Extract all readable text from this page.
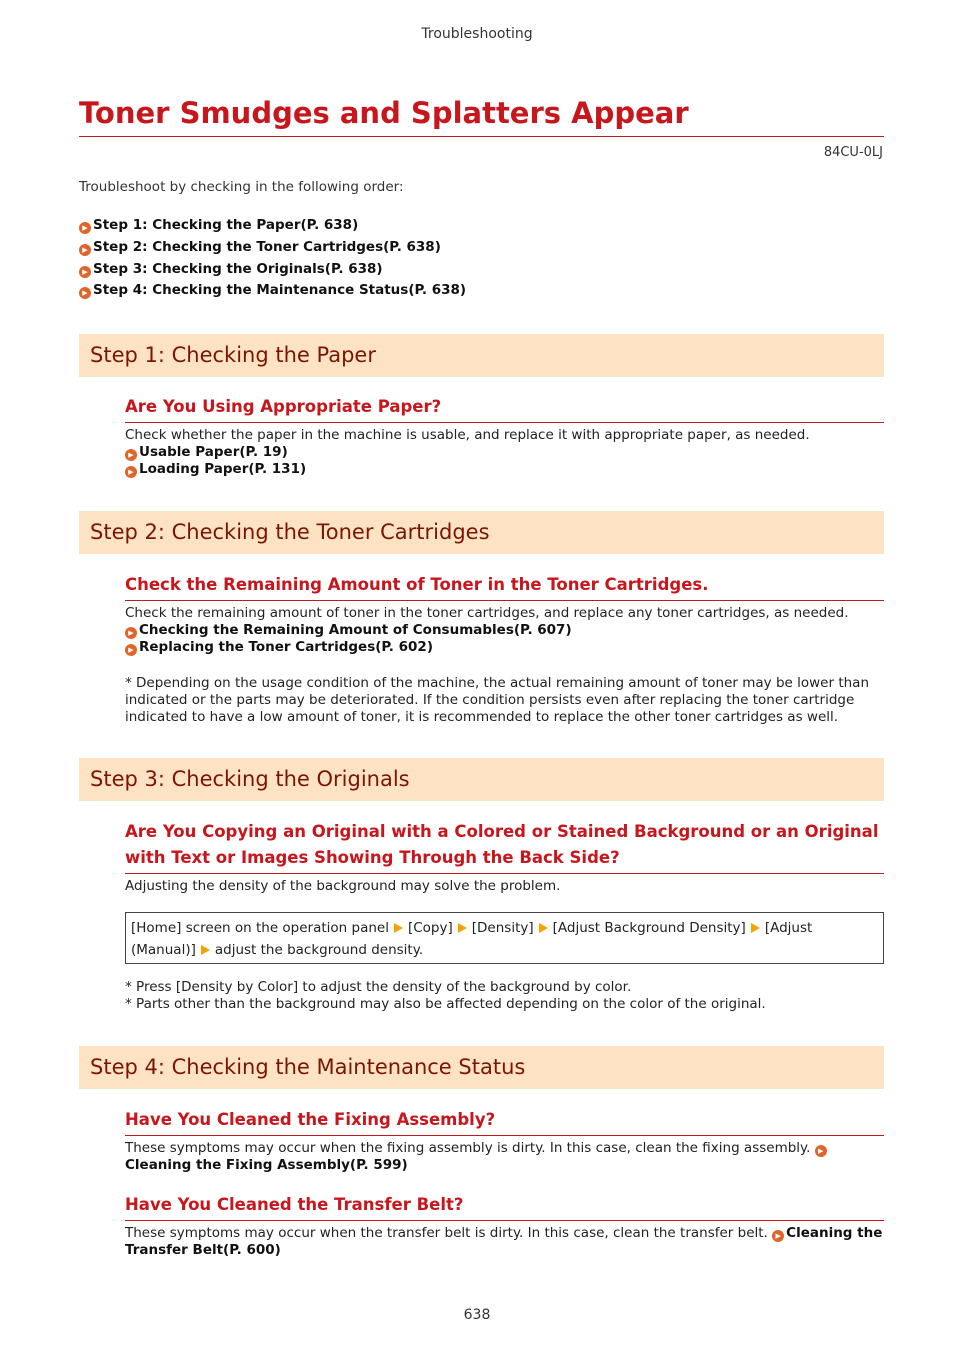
Troubleshooting
Toner Smudges and Splatters Appear
84CU-0LJ
Troubleshoot by checking in the following order:
▶ Step 1: Checking the Paper(P. 638)
▶ Step 2: Checking the Toner Cartridges(P. 638)
▶ Step 3: Checking the Originals(P. 638)
▶ Step 4: Checking the Maintenance Status(P. 638)
Step 1: Checking the Paper
Are You Using Appropriate Paper?
Check whether the paper in the machine is usable, and replace it with appropriate paper, as needed.
▶ Usable Paper(P. 19)
▶ Loading Paper(P. 131)
Step 2: Checking the Toner Cartridges
Check the Remaining Amount of Toner in the Toner Cartridges.
Check the remaining amount of toner in the toner cartridges, and replace any toner cartridges, as needed.
▶ Checking the Remaining Amount of Consumables(P. 607)
▶ Replacing the Toner Cartridges(P. 602)
* Depending on the usage condition of the machine, the actual remaining amount of toner may be lower than indicated or the parts may be deteriorated. If the condition persists even after replacing the toner cartridge indicated to have a low amount of toner, it is recommended to replace the other toner cartridges as well.
Step 3: Checking the Originals
Are You Copying an Original with a Colored or Stained Background or an Original with Text or Images Showing Through the Back Side?
Adjusting the density of the background may solve the problem.
[Home] screen on the operation panel [Copy] [Density] [Adjust Background Density] [Adjust (Manual)] adjust the background density.
* Press [Density by Color] to adjust the density of the background by color.
* Parts other than the background may also be affected depending on the color of the original.
Step 4: Checking the Maintenance Status
Have You Cleaned the Fixing Assembly?
These symptoms may occur when the fixing assembly is dirty. In this case, clean the fixing assembly. ▶Cleaning the Fixing Assembly(P. 599)
Have You Cleaned the Transfer Belt?
These symptoms may occur when the transfer belt is dirty. In this case, clean the transfer belt. ▶ Cleaning the Transfer Belt(P. 600)
638
